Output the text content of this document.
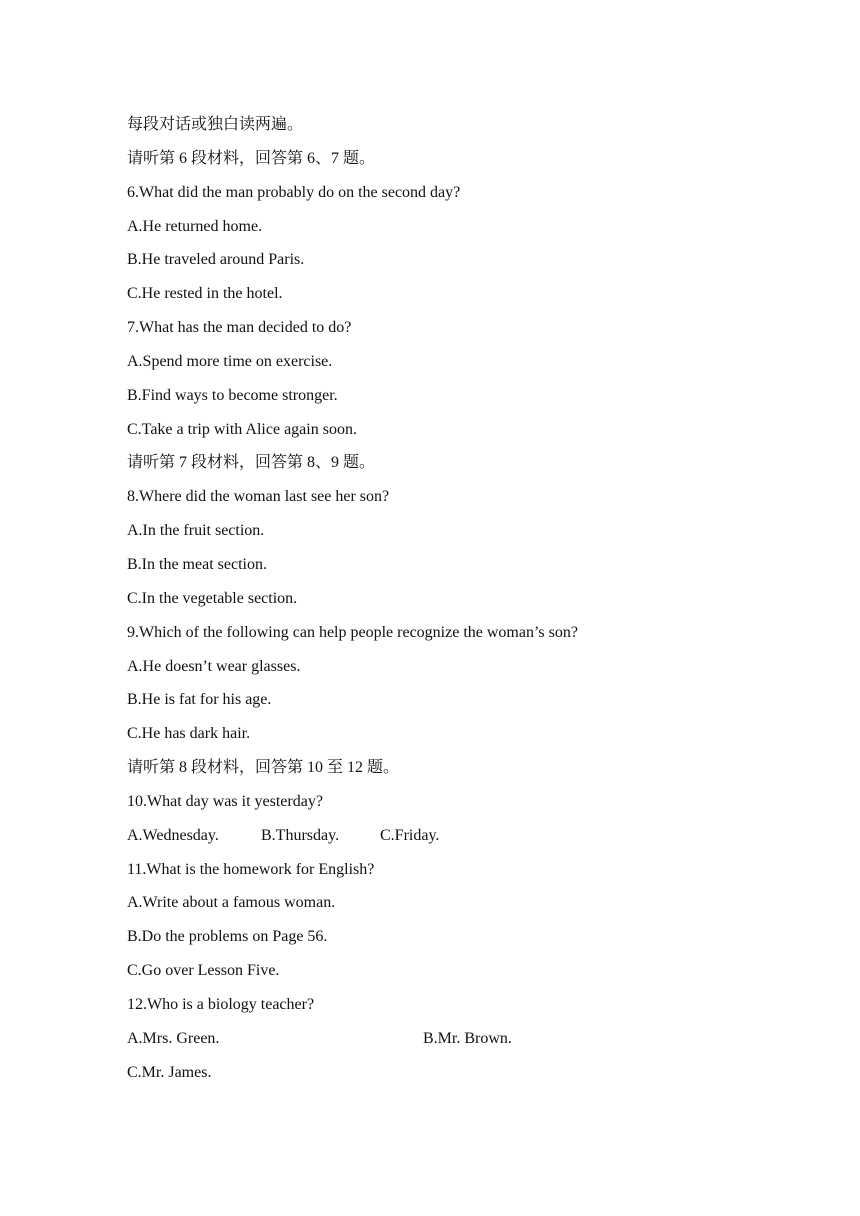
每段对话或独白读两遍。
请听第 6 段材料，回答第 6、7 题。
6.What did the man probably do on the second day?
A.He returned home.
B.He traveled around Paris.
C.He rested in the hotel.
7.What has the man decided to do?
A.Spend more time on exercise.
B.Find ways to become stronger.
C.Take a trip with Alice again soon.
请听第 7 段材料，回答第 8、9 题。
8.Where did the woman last see her son?
A.In the fruit section.
B.In the meat section.
C.In the vegetable section.
9.Which of the following can help people recognize the woman’s son?
A.He doesn’t wear glasses.
B.He is fat for his age.
C.He has dark hair.
请听第 8 段材料，回答第 10 至 12 题。
10.What day was it yesterday?
A.Wednesday.	B.Thursday.	C.Friday.
11.What is the homework for English?
A.Write about a famous woman.
B.Do the problems on Page 56.
C.Go over Lesson Five.
12.Who is a biology teacher?
A.Mrs. Green.	B.Mr. Brown.
C.Mr. James.
